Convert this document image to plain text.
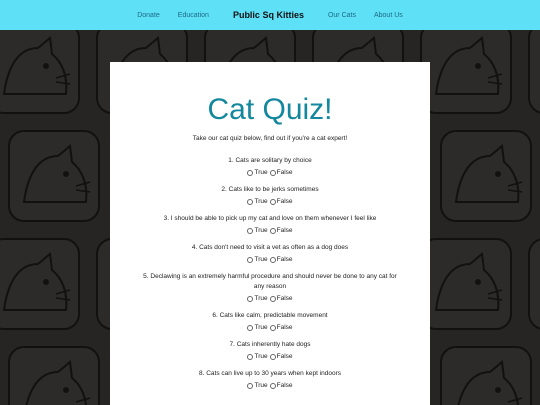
Donate	Education	Public Sq Kitties	Our Cats	About Us
Cat Quiz!

Take our cat quiz below, find out if you're a cat expert!

1. Cats are solitary by choice
True False
2. Cats like to be jerks sometimes
True False
3. I should be able to pick up my cat and love on them whenever I feel like
True False
4. Cats don't need to visit a vet as often as a dog does
True False
5. Declawing is an extremely harmful procedure and should never be done to any cat for any reason
True False
6. Cats like calm, predictable movement
True False
7. Cats inherently hate dogs
True False
8. Cats can live up to 30 years when kept indoors
True False
